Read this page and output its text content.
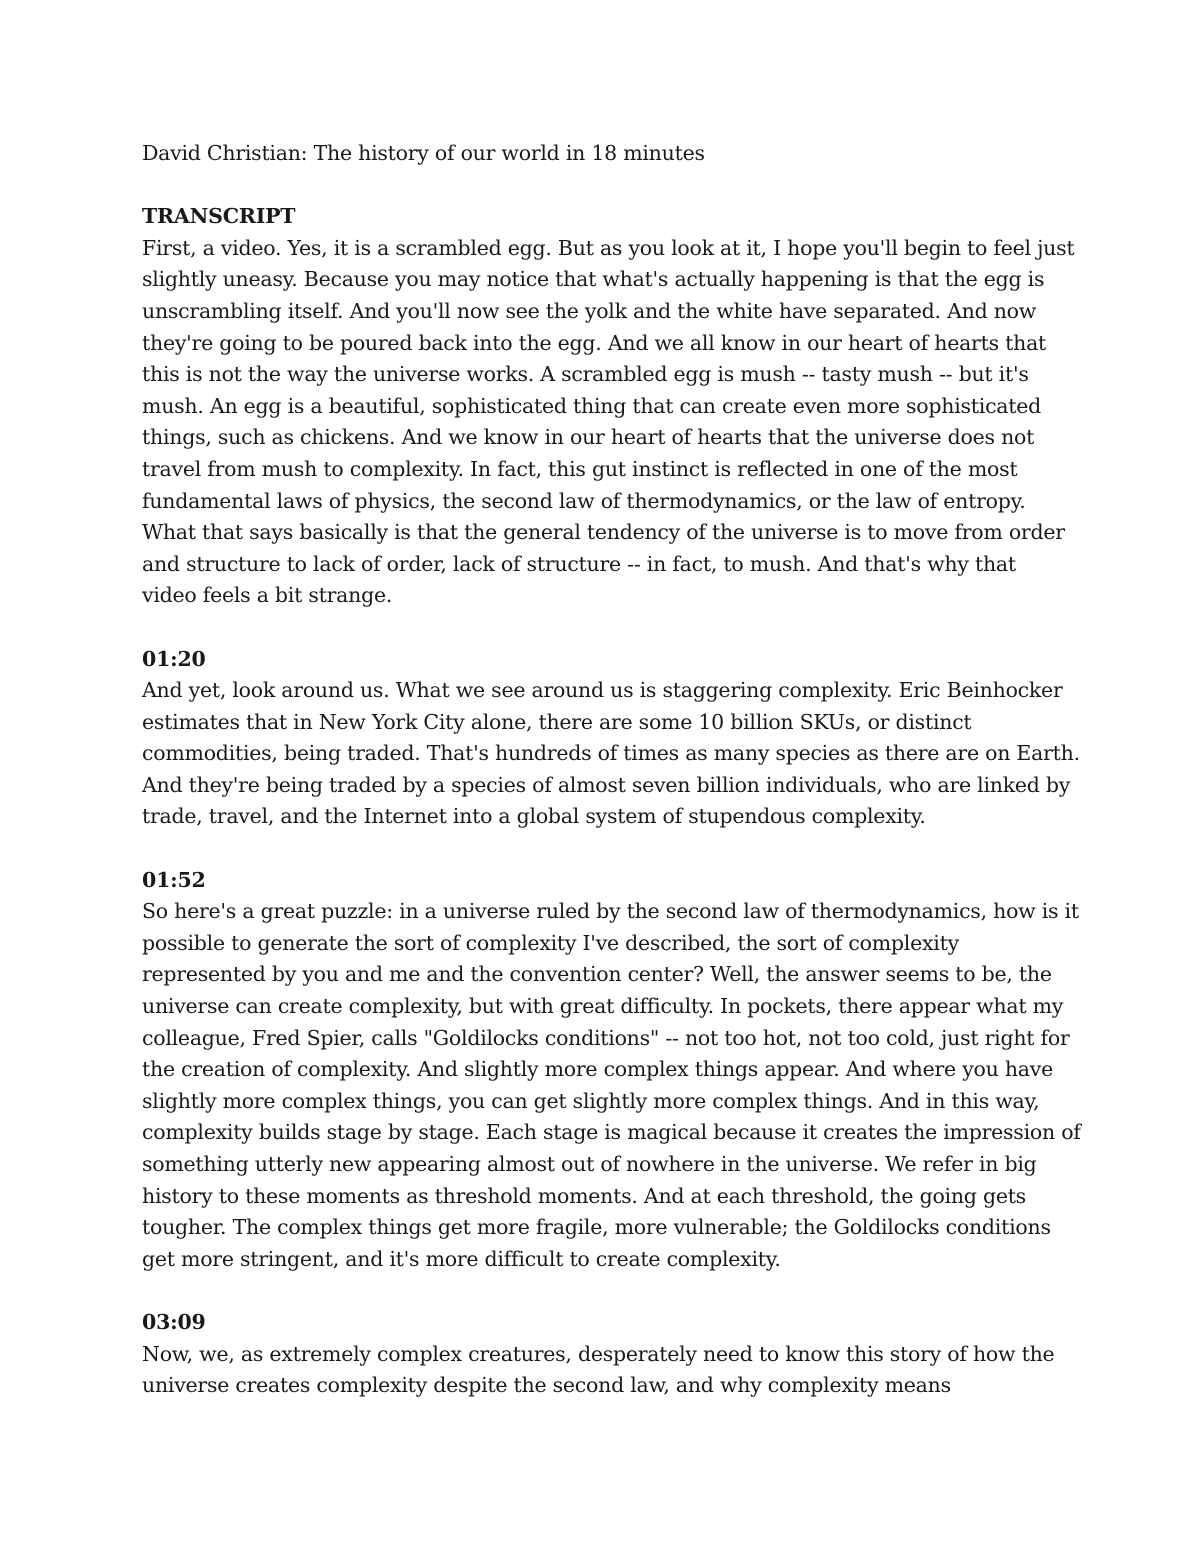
David Christian: The history of our world in 18 minutes
TRANSCRIPT
First, a video. Yes, it is a scrambled egg. But as you look at it, I hope you'll begin to feel just
slightly uneasy. Because you may notice that what's actually happening is that the egg is
unscrambling itself. And you'll now see the yolk and the white have separated. And now
they're going to be poured back into the egg. And we all know in our heart of hearts that
this is not the way the universe works. A scrambled egg is mush -- tasty mush -- but it's
mush. An egg is a beautiful, sophisticated thing that can create even more sophisticated
things, such as chickens. And we know in our heart of hearts that the universe does not
travel from mush to complexity. In fact, this gut instinct is reflected in one of the most
fundamental laws of physics, the second law of thermodynamics, or the law of entropy.
What that says basically is that the general tendency of the universe is to move from order
and structure to lack of order, lack of structure -- in fact, to mush. And that's why that
video feels a bit strange.
01:20
And yet, look around us. What we see around us is staggering complexity. Eric Beinhocker
estimates that in New York City alone, there are some 10 billion SKUs, or distinct
commodities, being traded. That's hundreds of times as many species as there are on Earth.
And they're being traded by a species of almost seven billion individuals, who are linked by
trade, travel, and the Internet into a global system of stupendous complexity.
01:52
So here's a great puzzle: in a universe ruled by the second law of thermodynamics, how is it
possible to generate the sort of complexity I've described, the sort of complexity
represented by you and me and the convention center? Well, the answer seems to be, the
universe can create complexity, but with great difficulty. In pockets, there appear what my
colleague, Fred Spier, calls "Goldilocks conditions" -- not too hot, not too cold, just right for
the creation of complexity. And slightly more complex things appear. And where you have
slightly more complex things, you can get slightly more complex things. And in this way,
complexity builds stage by stage. Each stage is magical because it creates the impression of
something utterly new appearing almost out of nowhere in the universe. We refer in big
history to these moments as threshold moments. And at each threshold, the going gets
tougher. The complex things get more fragile, more vulnerable; the Goldilocks conditions
get more stringent, and it's more difficult to create complexity.
03:09
Now, we, as extremely complex creatures, desperately need to know this story of how the
universe creates complexity despite the second law, and why complexity means
